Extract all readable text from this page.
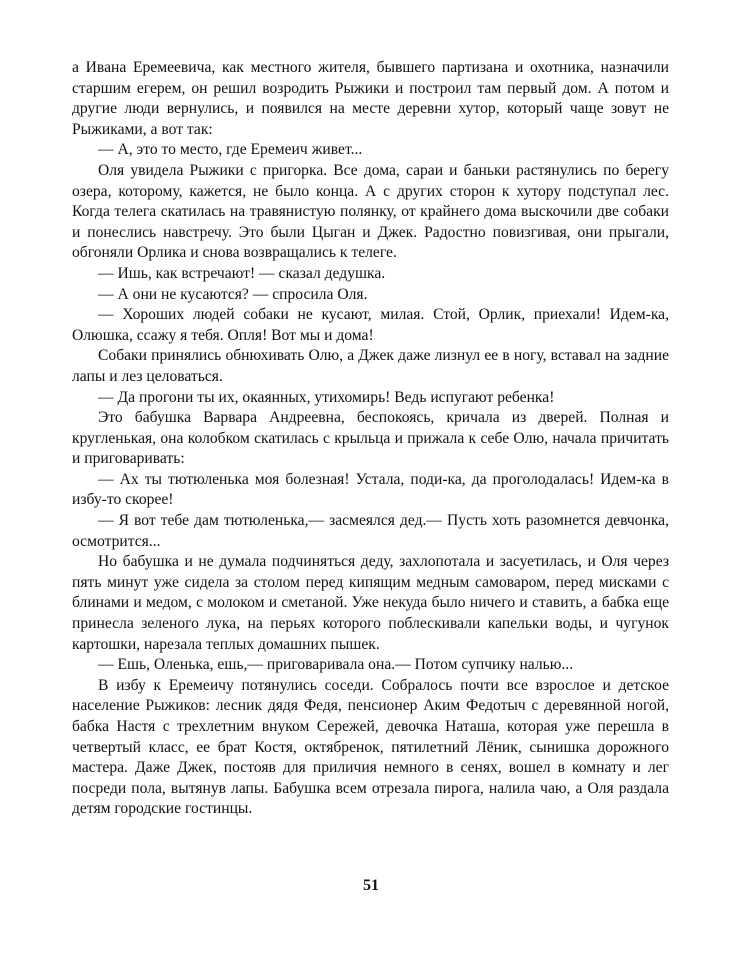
а Ивана Еремеевича, как местного жителя, бывшего партизана и охотника, назначили старшим егерем, он решил возродить Рыжики и построил там первый дом. А потом и другие люди вернулись, и появился на месте деревни хутор, который чаще зовут не Рыжиками, а вот так:

— А, это то место, где Еремеич живет...

Оля увидела Рыжики с пригорка. Все дома, сараи и баньки растянулись по берегу озера, которому, кажется, не было конца. А с других сторон к хутору подступал лес. Когда телега скатилась на травянистую полянку, от крайнего дома выскочили две собаки и понеслись навстречу. Это были Цыган и Джек. Радостно повизгивая, они прыгали, обгоняли Орлика и снова возвращались к телеге.

— Ишь, как встречают! — сказал дедушка.

— А они не кусаются? — спросила Оля.

— Хороших людей собаки не кусают, милая. Стой, Орлик, приехали! Идем-ка, Олюшка, ссажу я тебя. Опля! Вот мы и дома!

Собаки принялись обнюхивать Олю, а Джек даже лизнул ее в ногу, вставал на задние лапы и лез целоваться.

— Да прогони ты их, окаянных, утихомирь! Ведь испугают ребенка!

Это бабушка Варвара Андреевна, беспокоясь, кричала из дверей. Полная и кругленькая, она колобком скатилась с крыльца и прижала к себе Олю, начала причитать и приговаривать:

— Ах ты тютюленька моя болезная! Устала, поди-ка, да проголодалась! Идем-ка в избу-то скорее!

— Я вот тебе дам тютюленька,— засмеялся дед.— Пусть хоть разомнется девчонка, осмотрится...

Но бабушка и не думала подчиняться деду, захлопотала и засуетилась, и Оля через пять минут уже сидела за столом перед кипящим медным самоваром, перед мисками с блинами и медом, с молоком и сметаной. Уже некуда было ничего и ставить, а бабка еще принесла зеленого лука, на перьях которого поблескивали капельки воды, и чугунок картошки, нарезала теплых домашних пышек.

— Ешь, Оленька, ешь,— приговаривала она.— Потом супчику налью...

В избу к Еремеичу потянулись соседи. Собралось почти все взрослое и детское население Рыжиков: лесник дядя Федя, пенсионер Аким Федотыч с деревянной ногой, бабка Настя с трехлетним внуком Сережей, девочка Наташа, которая уже перешла в четвертый класс, ее брат Костя, октябренок, пятилетний Лёник, сынишка дорожного мастера. Даже Джек, постояв для приличия немного в сенях, вошел в комнату и лег посреди пола, вытянув лапы. Бабушка всем отрезала пирога, налила чаю, а Оля раздала детям городские гостинцы.

51
